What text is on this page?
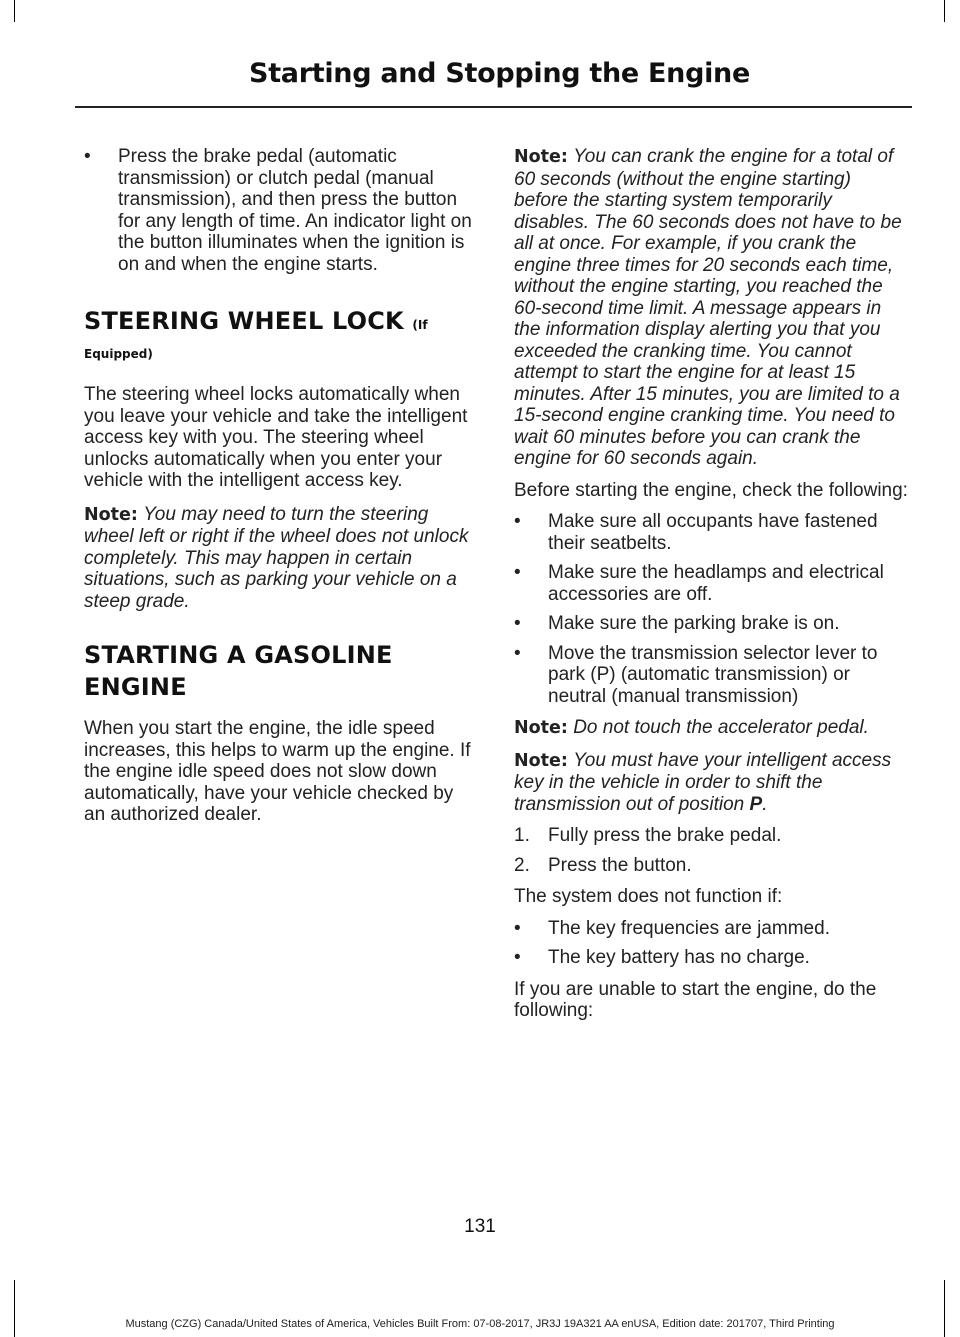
Starting and Stopping the Engine
• Press the brake pedal (automatic transmission) or clutch pedal (manual transmission), and then press the button for any length of time. An indicator light on the button illuminates when the ignition is on and when the engine starts.
STEERING WHEEL LOCK (If
Equipped)

The steering wheel locks automatically when you leave your vehicle and take the intelligent access key with you. The steering wheel unlocks automatically when you enter your vehicle with the intelligent access key.

Note: You may need to turn the steering wheel left or right if the wheel does not unlock completely. This may happen in certain situations, such as parking your vehicle on a steep grade.

STARTING A GASOLINE
ENGINE

When you start the engine, the idle speed increases, this helps to warm up the engine. If the engine idle speed does not slow down automatically, have your vehicle checked by an authorized dealer.

Note: You can crank the engine for a total of 60 seconds (without the engine starting) before the starting system temporarily disables. The 60 seconds does not have to be all at once. For example, if you crank the engine three times for 20 seconds each time, without the engine starting, you reached the 60-second time limit. A message appears in the information display alerting you that you exceeded the cranking time. You cannot attempt to start the engine for at least 15 minutes. After 15 minutes, you are limited to a 15-second engine cranking time. You need to wait 60 minutes before you can crank the engine for 60 seconds again.

Before starting the engine, check the following:

• Make sure all occupants have fastened their seatbelts.
• Make sure the headlamps and electrical accessories are off.
• Make sure the parking brake is on.
• Move the transmission selector lever to park (P) (automatic transmission) or neutral (manual transmission)

Note: Do not touch the accelerator pedal.

Note: You must have your intelligent access key in the vehicle in order to shift the transmission out of position P.

1. Fully press the brake pedal.
2. Press the button.

The system does not function if:

• The key frequencies are jammed.
• The key battery has no charge.

If you are unable to start the engine, do the following:

131
Mustang (CZG) Canada/United States of America, Vehicles Built From: 07-08-2017, JR3J 19A321 AA enUSA, Edition date: 201707, Third Printing
